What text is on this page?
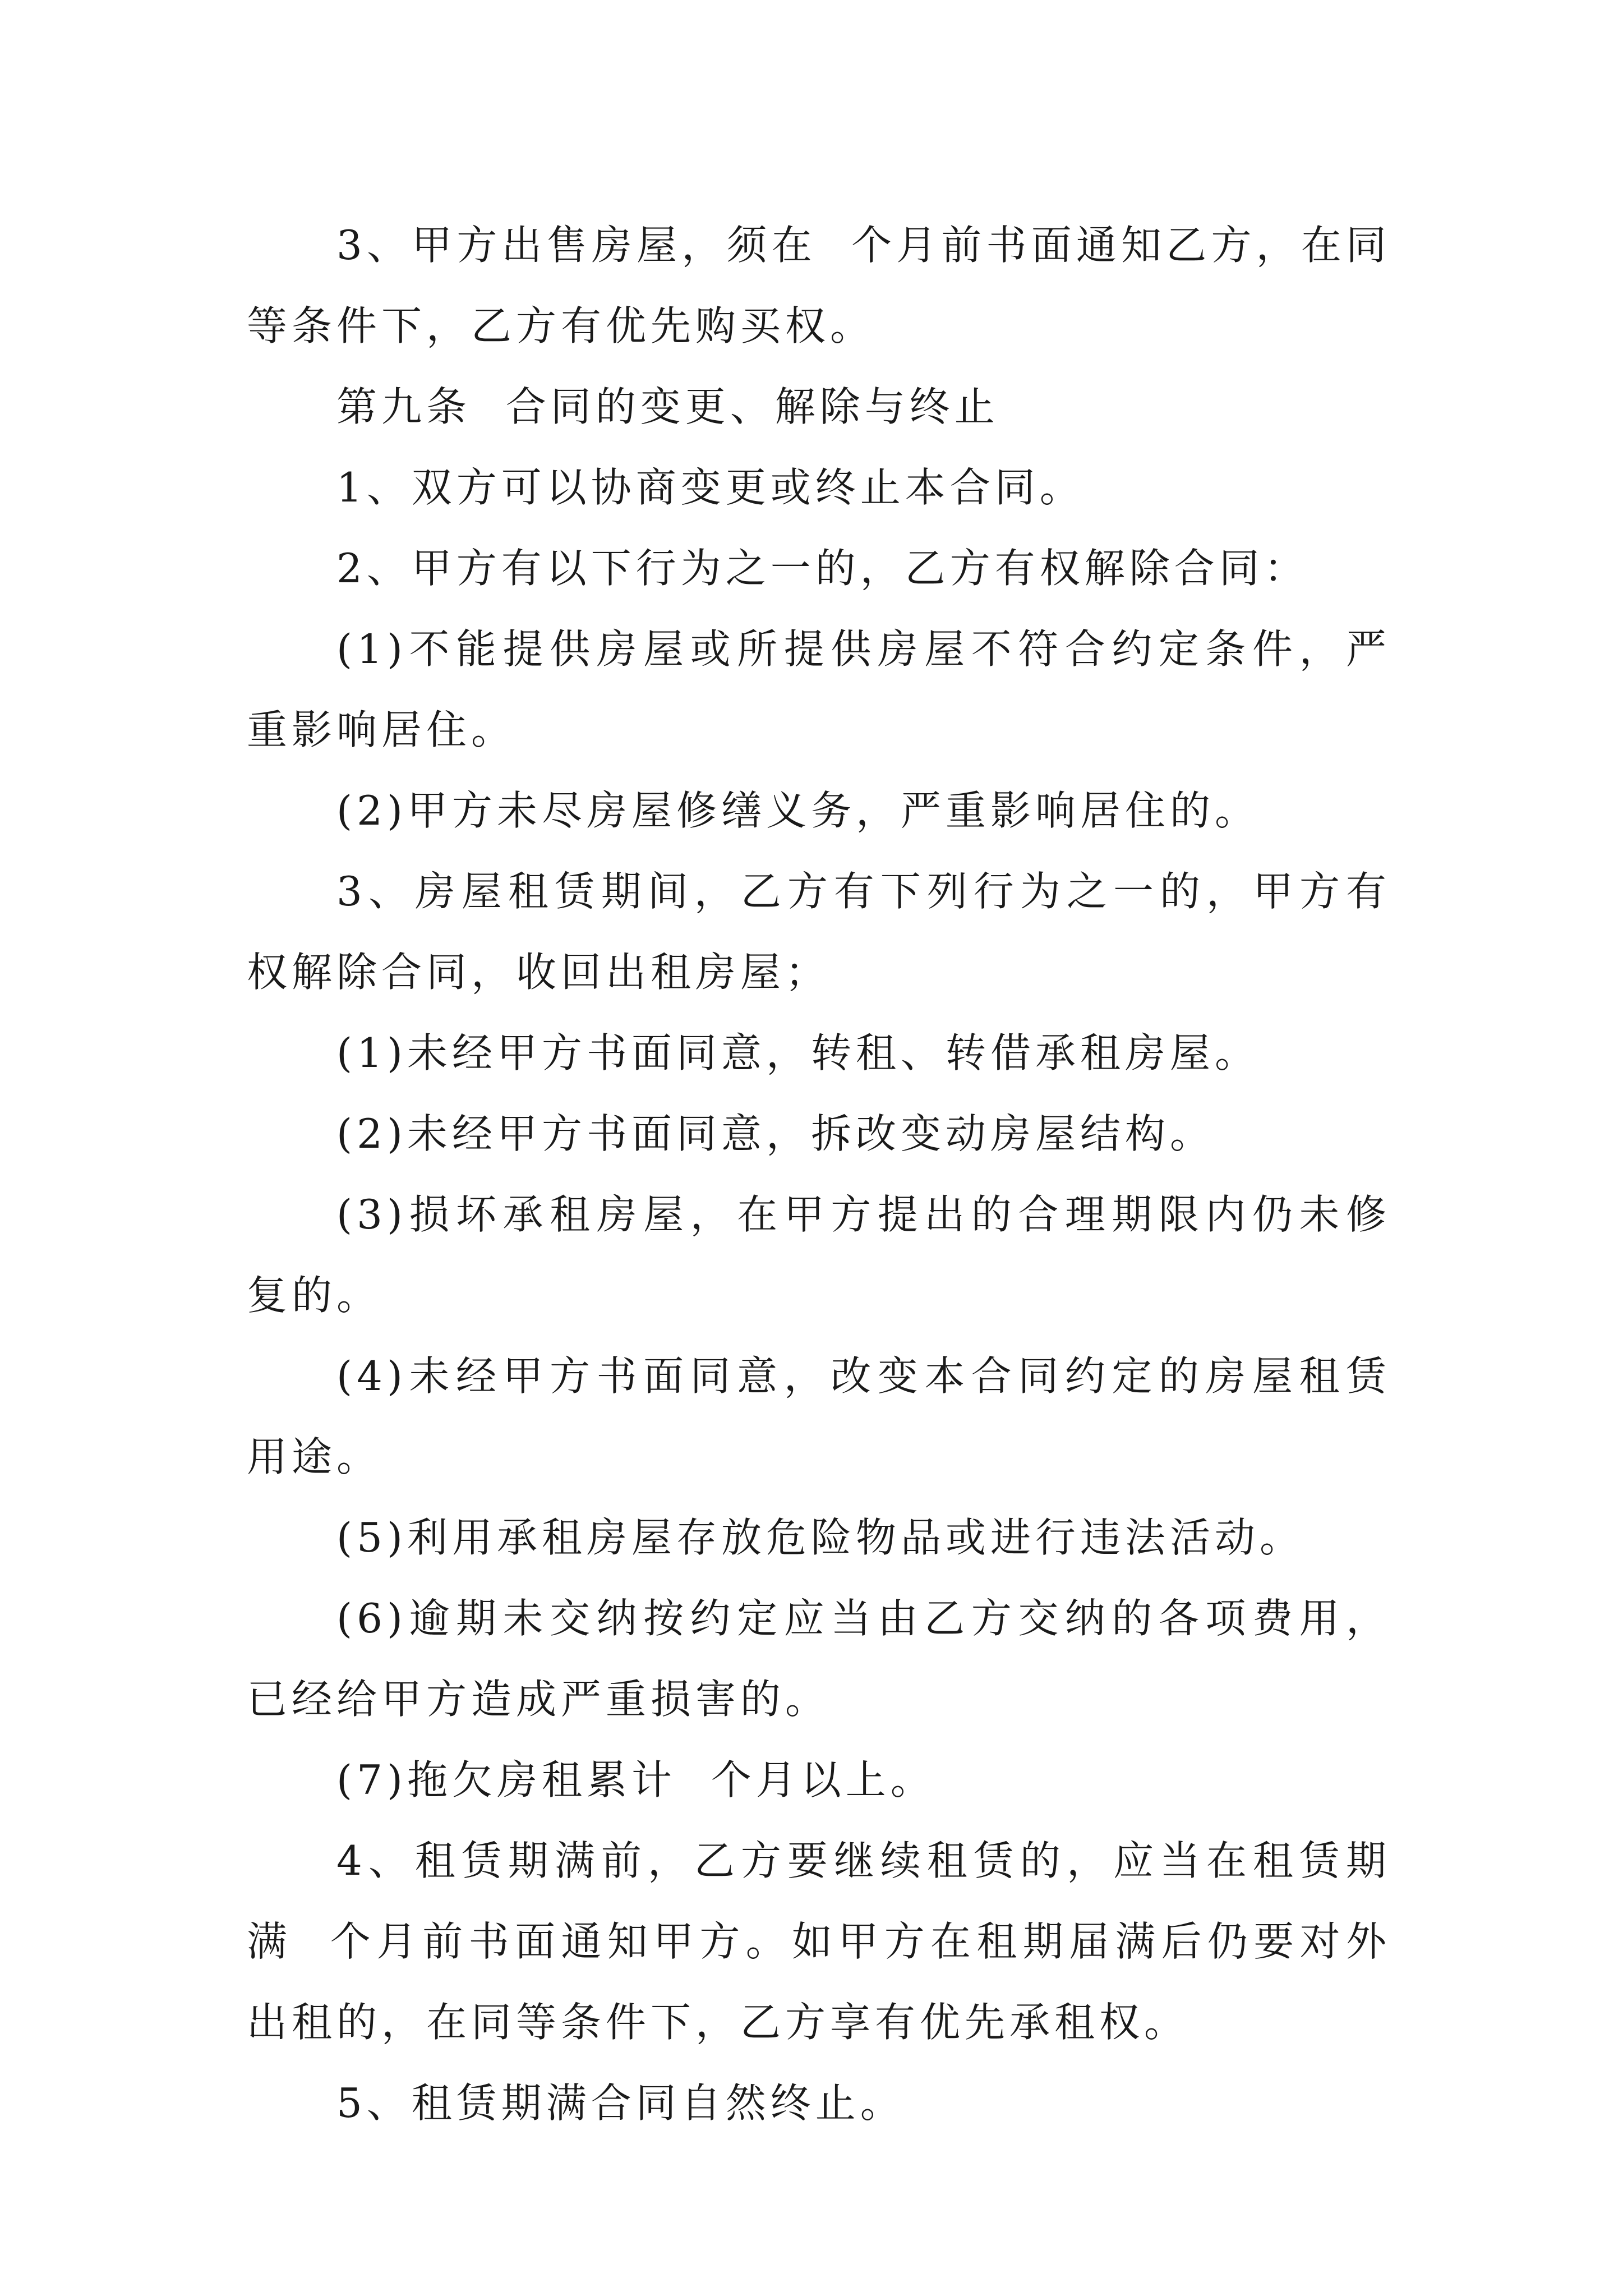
3、甲方出售房屋，须在  个月前书面通知乙方，在同等条件下，乙方有优先购买权。

第九条  合同的变更、解除与终止

1、双方可以协商变更或终止本合同。

2、甲方有以下行为之一的，乙方有权解除合同：

(1)不能提供房屋或所提供房屋不符合约定条件，严重影响居住。

(2)甲方未尽房屋修缮义务，严重影响居住的。

3、房屋租赁期间，乙方有下列行为之一的，甲方有权解除合同，收回出租房屋；

(1)未经甲方书面同意，转租、转借承租房屋。

(2)未经甲方书面同意，拆改变动房屋结构。

(3)损坏承租房屋，在甲方提出的合理期限内仍未修复的。

(4)未经甲方书面同意，改变本合同约定的房屋租赁用途。

(5)利用承租房屋存放危险物品或进行违法活动。

(6)逾期未交纳按约定应当由乙方交纳的各项费用，已经给甲方造成严重损害的。

(7)拖欠房租累计  个月以上。

4、租赁期满前，乙方要继续租赁的，应当在租赁期满  个月前书面通知甲方。如甲方在租期届满后仍要对外出租的，在同等条件下，乙方享有优先承租权。

5、租赁期满合同自然终止。
